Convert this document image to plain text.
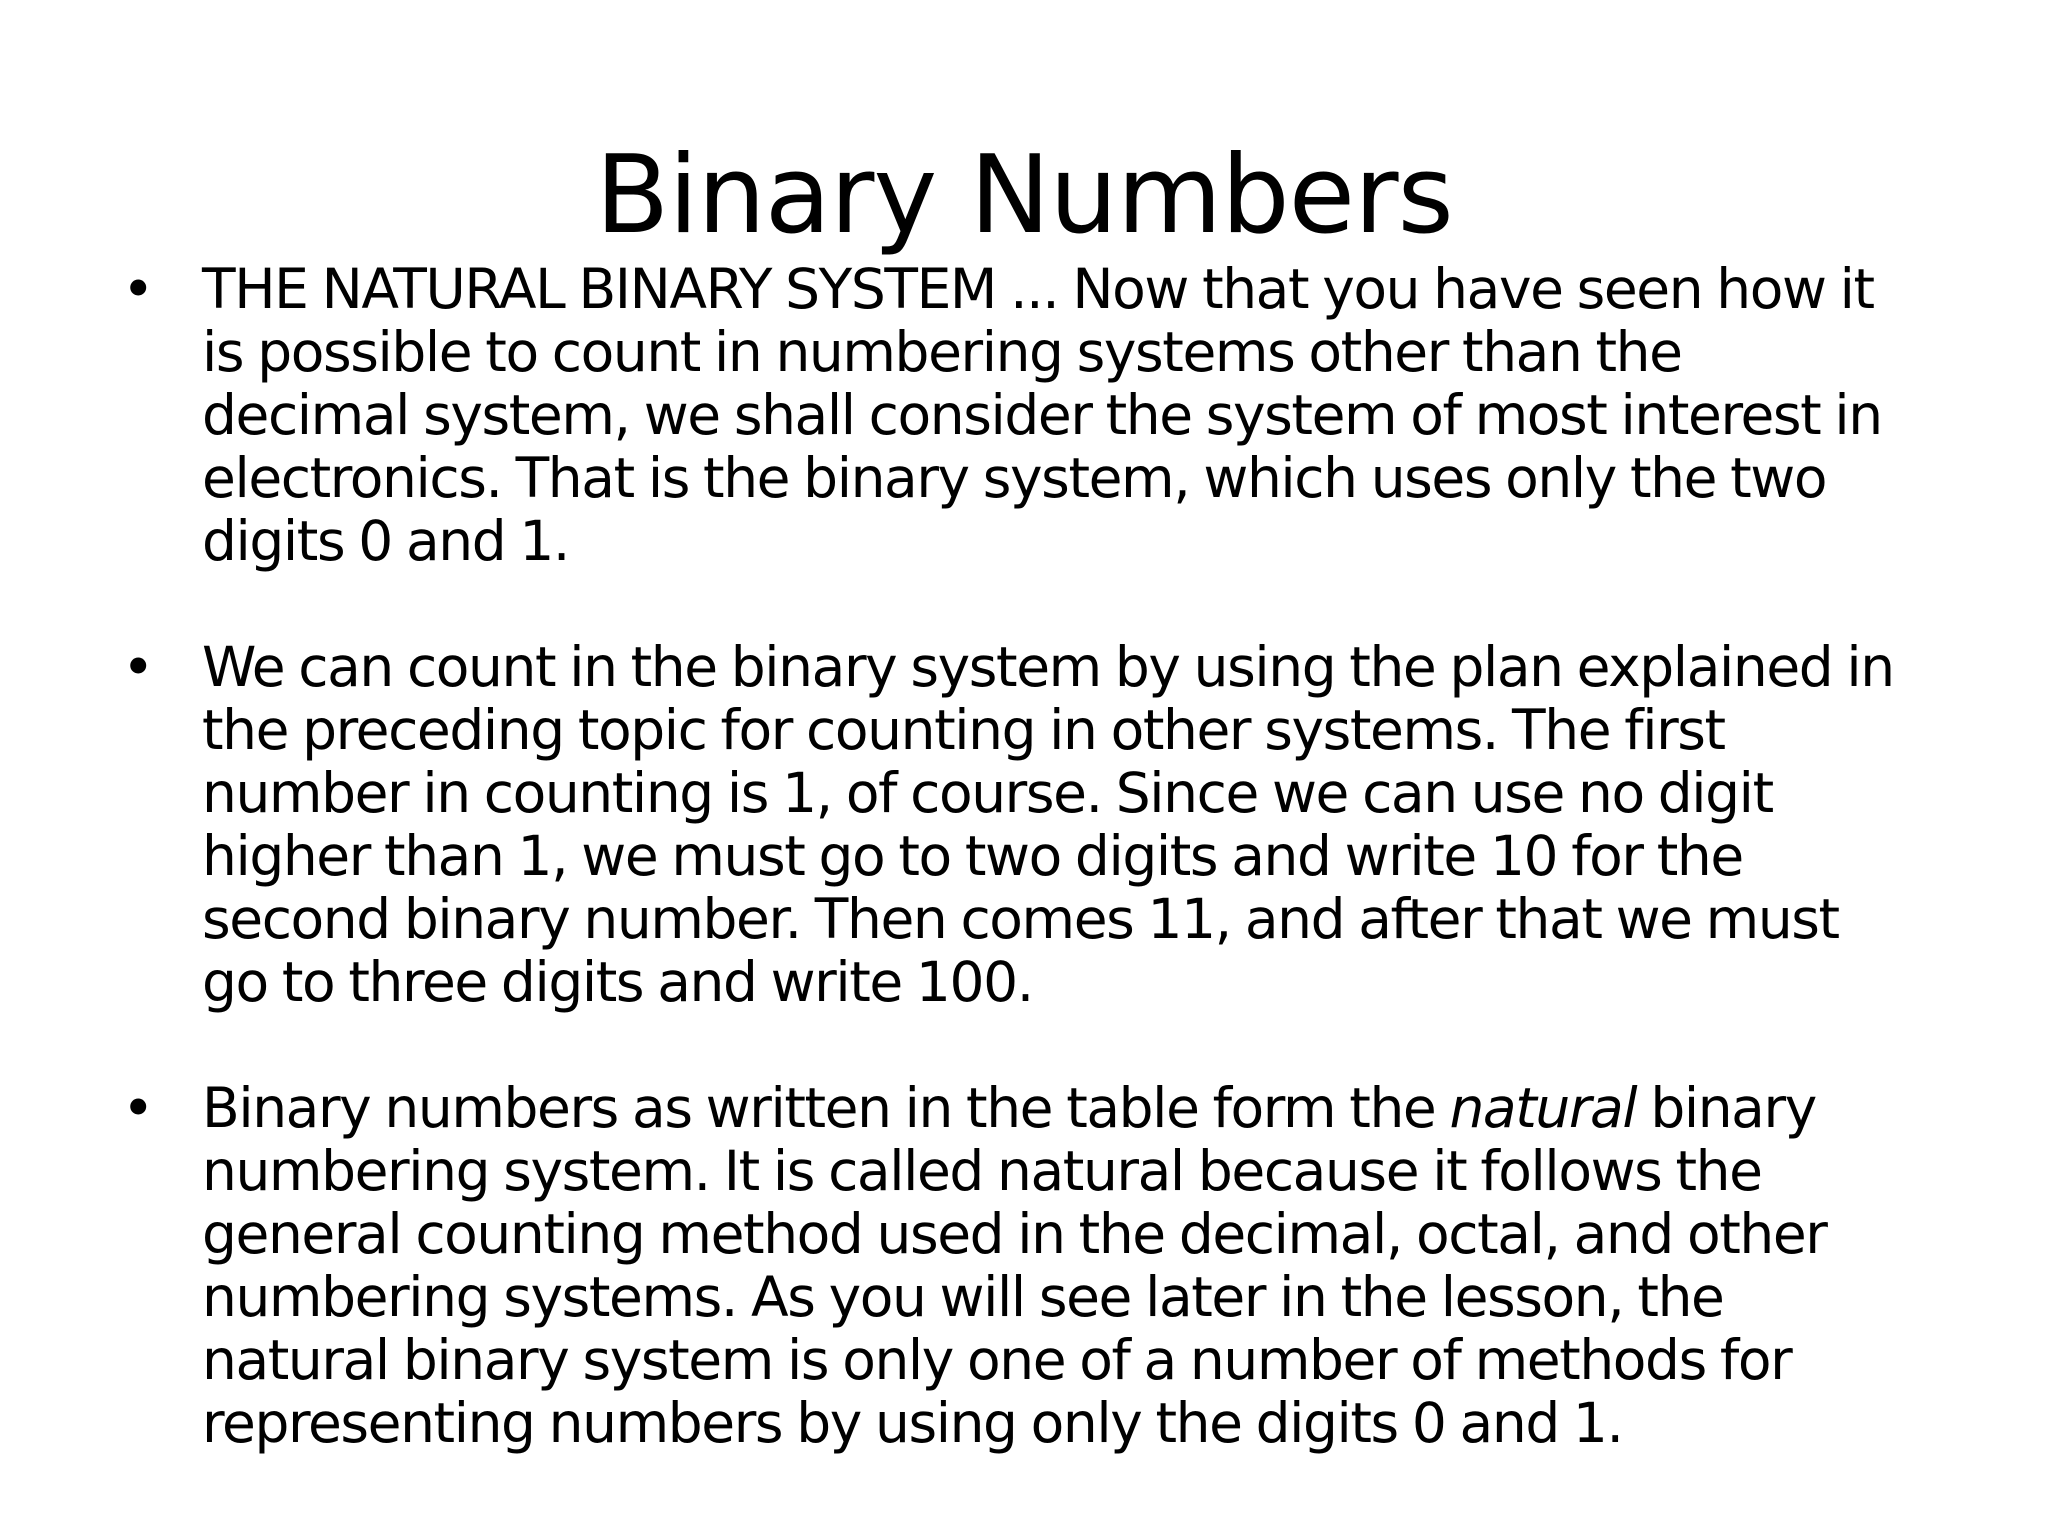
Binary Numbers
• THE NATURAL BINARY SYSTEM ... Now that you have seen how it
is possible to count in numbering systems other than the
decimal system, we shall consider the system of most interest in
electronics. That is the binary system, which uses only the two
digits 0 and 1.
• We can count in the binary system by using the plan explained in
the preceding topic for counting in other systems. The first
number in counting is 1, of course. Since we can use no digit
higher than 1, we must go to two digits and write 10 for the
second binary number. Then comes 11, and after that we must
go to three digits and write 100.
• Binary numbers as written in the table form the natural binary
numbering system. It is called natural because it follows the
general counting method used in the decimal, octal, and other
numbering systems. As you will see later in the lesson, the
natural binary system is only one of a number of methods for
representing numbers by using only the digits 0 and 1.
